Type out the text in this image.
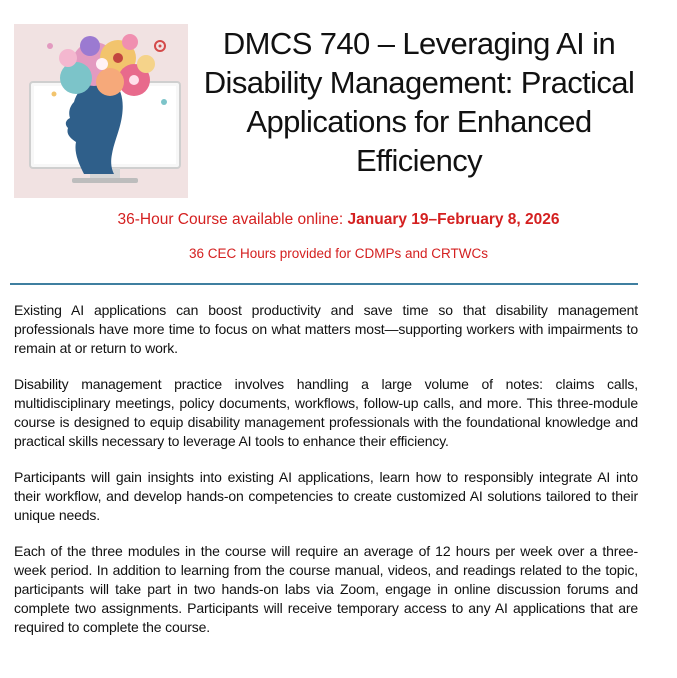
DMCS 740 – Leveraging AI in Disability Management: Practical Applications for Enhanced Efficiency
36-Hour Course available online: January 19–February 8, 2026
36 CEC Hours provided for CDMPs and CRTWCs

Existing AI applications can boost productivity and save time so that disability management professionals have more time to focus on what matters most—supporting workers with impairments to remain at or return to work.

Disability management practice involves handling a large volume of notes: claims calls, multidisciplinary meetings, policy documents, workflows, follow-up calls, and more. This three-module course is designed to equip disability management professionals with the foundational knowledge and practical skills necessary to leverage AI tools to enhance their efficiency.

Participants will gain insights into existing AI applications, learn how to responsibly integrate AI into their workflow, and develop hands-on competencies to create customized AI solutions tailored to their unique needs.

Each of the three modules in the course will require an average of 12 hours per week over a three-week period. In addition to learning from the course manual, videos, and readings related to the topic, participants will take part in two hands-on labs via Zoom, engage in online discussion forums and complete two assignments. Participants will receive temporary access to any AI applications that are required to complete the course.
